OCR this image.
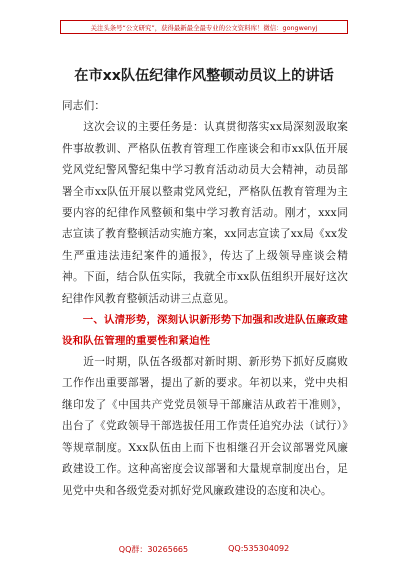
关注头条号“公文研究”，获得最新最全最专业的公文资料库！微信：gongwenyj
在市xx队伍纪律作风整顿动员议上的讲话

同志们：

这次会议的主要任务是：认真贯彻落实xx局深刻汲取案件事故教训、严格队伍教育管理工作座谈会和市xx队伍开展党风党纪警风警纪集中学习教育活动动员大会精神，动员部署全市xx队伍开展以整肃党风党纪，严格队伍教育管理为主要内容的纪律作风整顿和集中学习教育活动。刚才，xxx同志宣读了教育整顿活动实施方案，xx同志宣读了xx局《xx发生严重违法违纪案件的通报》，传达了上级领导座谈会精神。下面，结合队伍实际，我就全市xx队伍组织开展好这次纪律作风教育整顿活动讲三点意见。

一、认清形势，深刻认识新形势下加强和改进队伍廉政建设和队伍管理的重要性和紧迫性

近一时期，队伍各级都对新时期、新形势下抓好反腐败工作作出重要部署，提出了新的要求。年初以来，党中央相继印发了《中国共产党党员领导干部廉洁从政若干准则》，出台了《党政领导干部选拔任用工作责任追究办法（试行）》等规章制度。Xxx队伍由上而下也相继召开会议部署党风廉政建设工作。这种高密度会议部署和大量规章制度出台，足见党中央和各级党委对抓好党风廉政建设的态度和决心。

QQ群：30265665	QQ:535304092
